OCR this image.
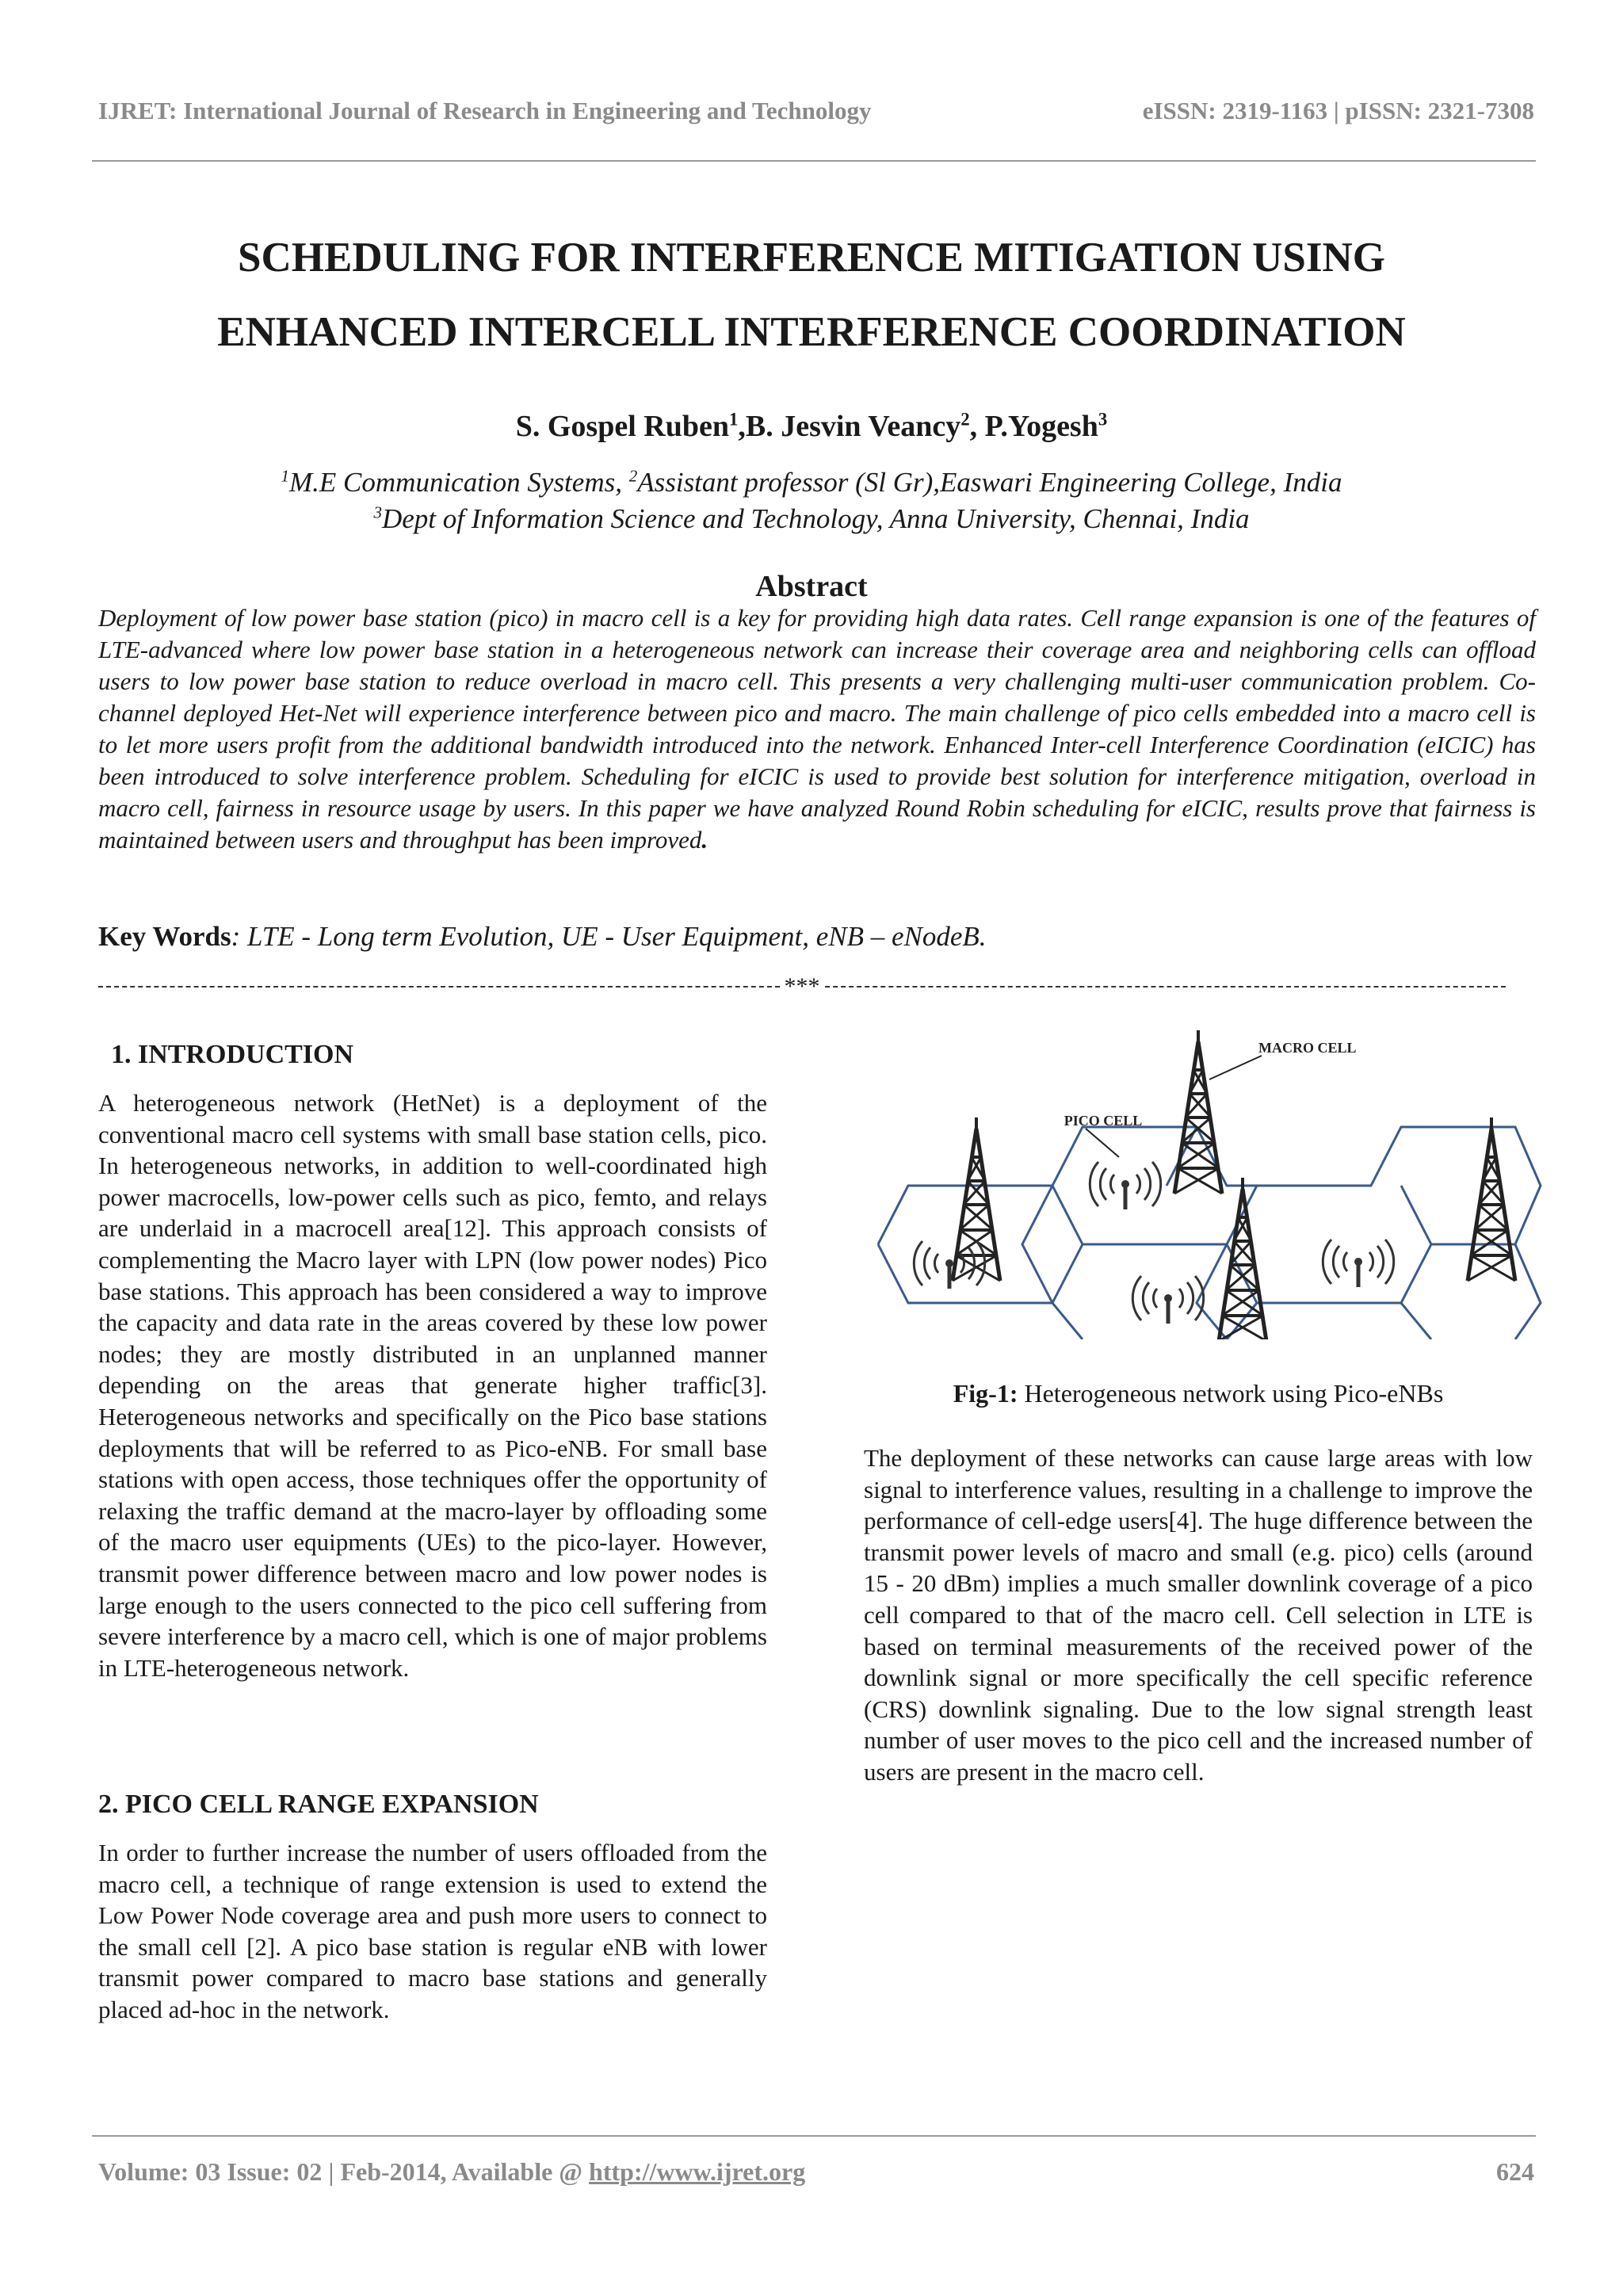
IJRET: International Journal of Research in Engineering and Technology	eISSN: 2319-1163 | pISSN: 2321-7308
SCHEDULING FOR INTERFERENCE MITIGATION USING
ENHANCED INTERCELL INTERFERENCE COORDINATION
S. Gospel Ruben$^1$,B. Jesvin Veancy$^2$, P.Yogesh$^3$
$^1$M.E Communication Systems, $^2$Assistant professor (Sl Gr),Easwari Engineering College, India
$^3$Dept of Information Science and Technology, Anna University, Chennai, India
Abstract

Deployment of low power base station (pico) in macro cell is a key for providing high data rates. Cell range expansion is one of the features of LTE-advanced where low power base station in a heterogeneous network can increase their coverage area and neighboring cells can offload users to low power base station to reduce overload in macro cell. This presents a very challenging multi-user communication problem. Co-channel deployed Het-Net will experience interference between pico and macro. The main challenge of pico cells embedded into a macro cell is to let more users profit from the additional bandwidth introduced into the network. Enhanced Inter-cell Interference Coordination (eICIC) has been introduced to solve interference problem. Scheduling for eICIC is used to provide best solution for interference mitigation, overload in macro cell, fairness in resource usage by users. In this paper we have analyzed Round Robin scheduling for eICIC, results prove that fairness is maintained between users and throughput has been improved.

Key Words: LTE - Long term Evolution, UE - User Equipment, eNB – eNodeB.
***
1. INTRODUCTION

A heterogeneous network (HetNet) is a deployment of the conventional macro cell systems with small base station cells, pico. In heterogeneous networks, in addition to well-coordinated high power macrocells, low-power cells such as pico, femto, and relays are underlaid in a macrocell area[12]. This approach consists of complementing the Macro layer with LPN (low power nodes) Pico base stations. This approach has been considered a way to improve the capacity and data rate in the areas covered by these low power nodes; they are mostly distributed in an unplanned manner depending on the areas that generate higher traffic[3]. Heterogeneous networks and specifically on the Pico base stations deployments that will be referred to as Pico-eNB. For small base stations with open access, those techniques offer the opportunity of relaxing the traffic demand at the macro-layer by offloading some of the macro user equipments (UEs) to the pico-layer. However, transmit power difference between macro and low power nodes is large enough to the users connected to the pico cell suffering from severe interference by a macro cell, which is one of major problems in LTE-heterogeneous network.

2. PICO CELL RANGE EXPANSION

In order to further increase the number of users offloaded from the macro cell, a technique of range extension is used to extend the Low Power Node coverage area and push more users to connect to the small cell [2]. A pico base station is regular eNB with lower transmit power compared to macro base stations and generally placed ad-hoc in the network.

MACRO CELL
PICO CELL
Fig-1: Heterogeneous network using Pico-eNBs

The deployment of these networks can cause large areas with low signal to interference values, resulting in a challenge to improve the performance of cell-edge users[4]. The huge difference between the transmit power levels of macro and small (e.g. pico) cells (around 15 - 20 dBm) implies a much smaller downlink coverage of a pico cell compared to that of the macro cell. Cell selection in LTE is based on terminal measurements of the received power of the downlink signal or more specifically the cell specific reference (CRS) downlink signaling. Due to the low signal strength least number of user moves to the pico cell and the increased number of users are present in the macro cell.

Volume: 03 Issue: 02 | Feb-2014, Available @ http://www.ijret.org	624
